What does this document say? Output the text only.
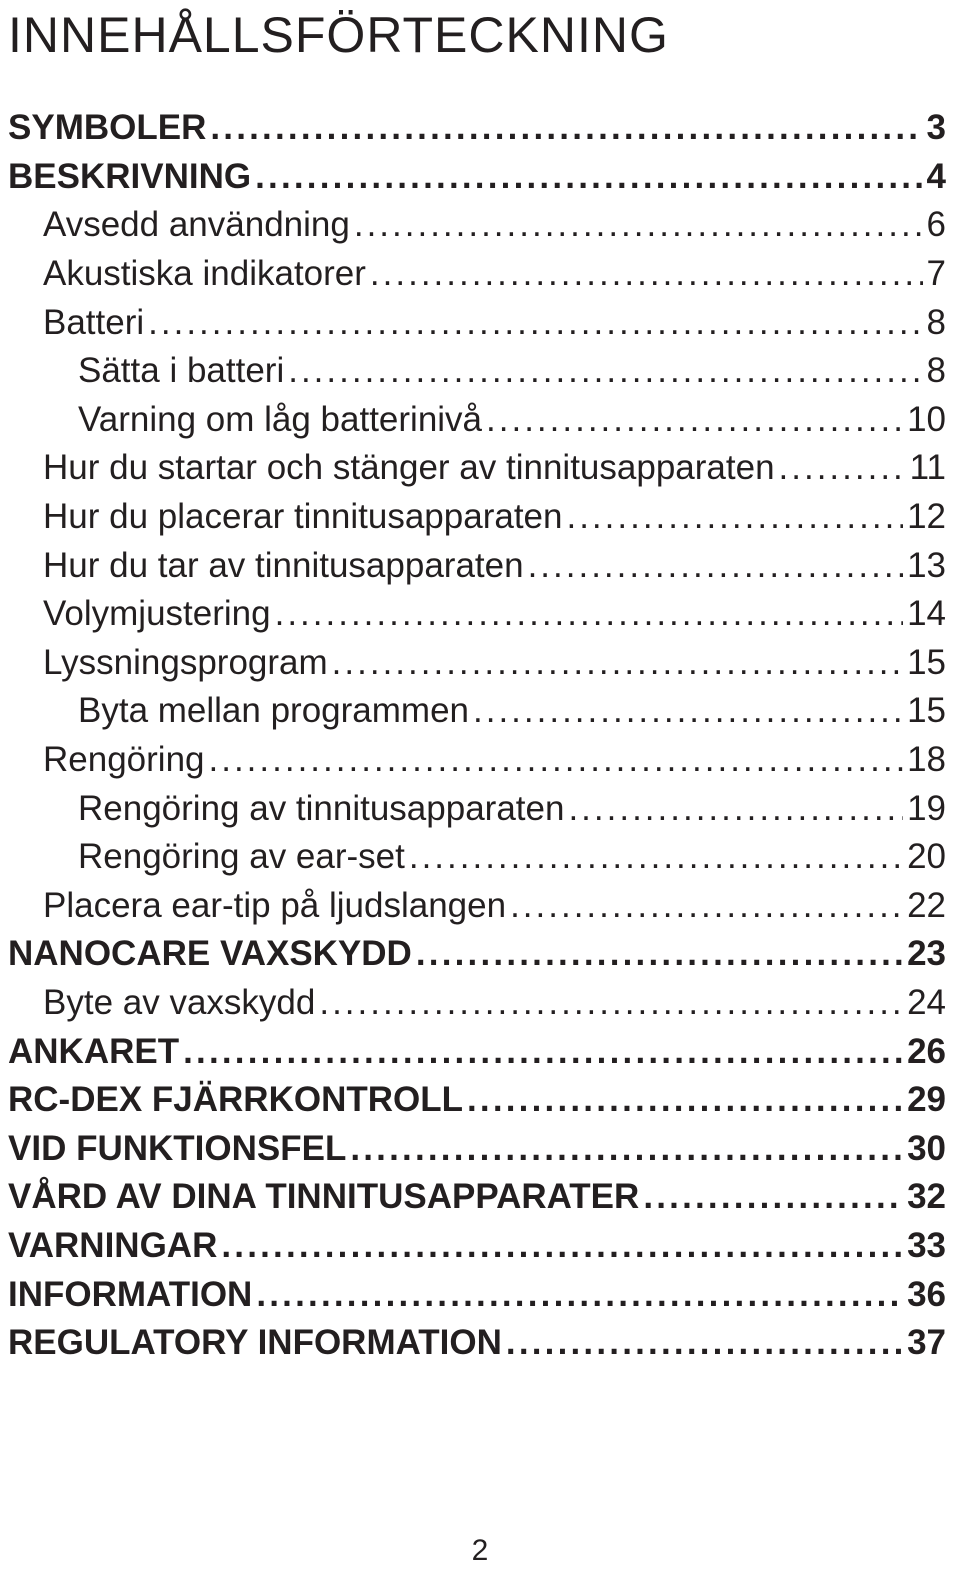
INNEHÅLLSFÖRTECKNING
SYMBOLER .....	3
BESKRIVNING .....	4
Avsedd användning .....	6
Akustiska indikatorer .....	7
Batteri .....	8
Sätta i batteri .....	8
Varning om låg batterinivå .....	10
Hur du startar och stänger av tinnitusapparaten .....	11
Hur du placerar tinnitusapparaten .....	12
Hur du tar av tinnitusapparaten .....	13
Volymjustering .....	14
Lyssningsprogram .....	15
Byta mellan programmen .....	15
Rengöring .....	18
Rengöring av tinnitusapparaten .....	19
Rengöring av ear-set .....	20
Placera ear-tip på ljudslangen .....	22
NANOCARE VAXSKYDD .....	23
Byte av vaxskydd .....	24
ANKARET .....	26
RC-DEX FJÄRRKONTROLL .....	29
VID FUNKTIONSFEL .....	30
VÅRD AV DINA TINNITUSAPPARATER .....	32
VARNINGAR .....	33
INFORMATION .....	36
REGULATORY INFORMATION .....	37
2
